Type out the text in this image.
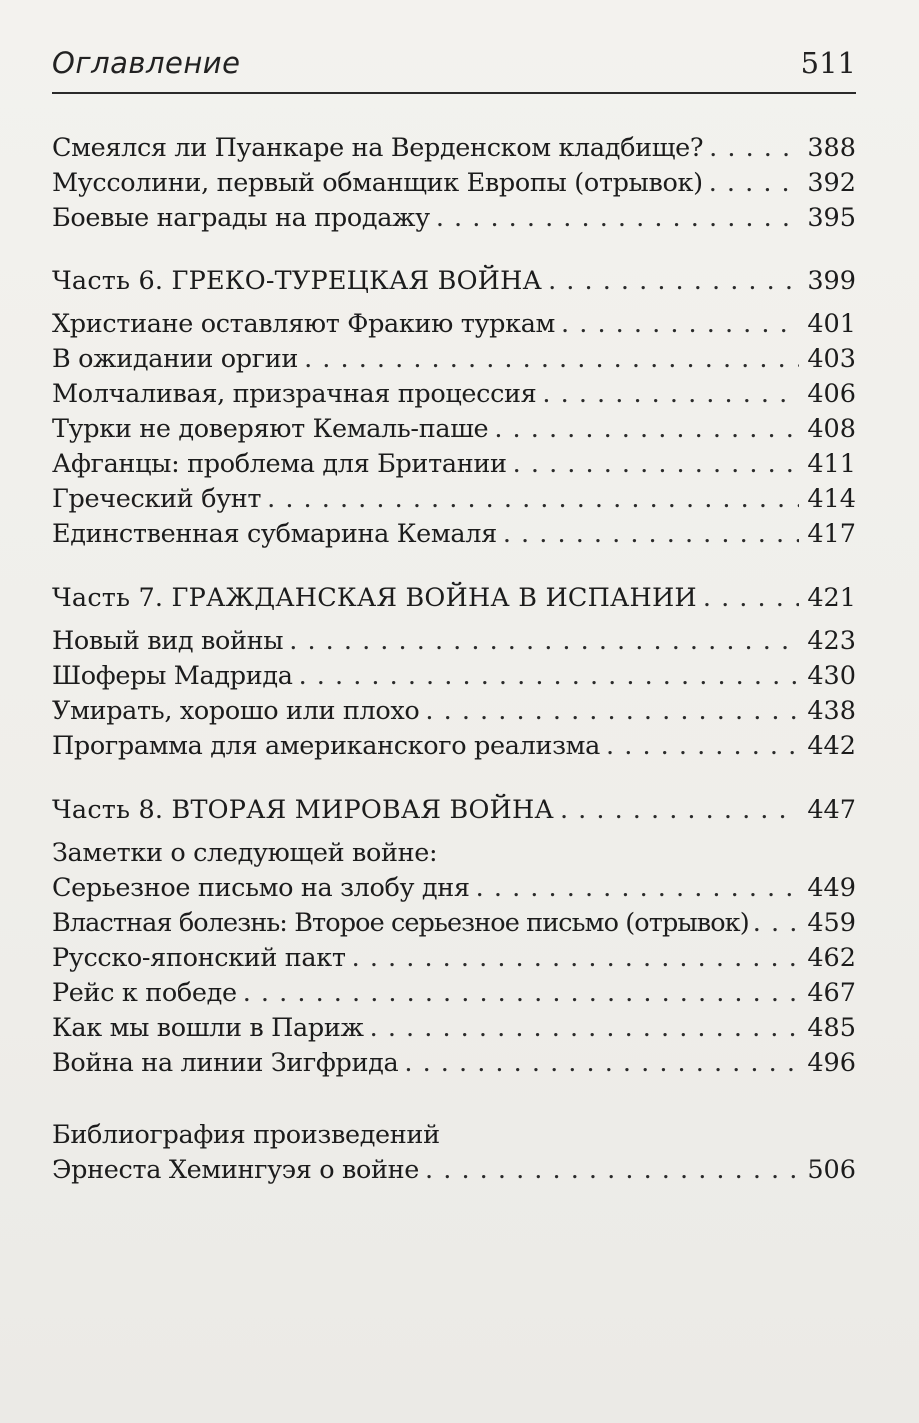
Оглавление	511
Смеялся ли Пуанкаре на Верденском кладбище? . . .	388
Муссолини, первый обманщик Европы (отрывок) . . .	392
Боевые награды на продажу . . .	395
Часть 6. ГРЕКО-ТУРЕЦКАЯ ВОЙНА . . .	399
Христиане оставляют Фракию туркам . . .	401
В ожидании оргии . . .	403
Молчаливая, призрачная процессия . . .	406
Турки не доверяют Кемаль-паше . . .	408
Афганцы: проблема для Британии . . .	411
Греческий бунт . . .	414
Единственная субмарина Кемаля . . .	417
Часть 7. ГРАЖДАНСКАЯ ВОЙНА В ИСПАНИИ . . .	421
Новый вид войны . . .	423
Шоферы Мадрида . . .	430
Умирать, хорошо или плохо . . .	438
Программа для американского реализма . . .	442
Часть 8. ВТОРАЯ МИРОВАЯ ВОЙНА . . .	447
Заметки о следующей войне:
Серьезное письмо на злобу дня . . .	449
Властная болезнь: Второе серьезное письмо (отрывок) . . . 459
Русско-японский пакт . . .	462
Рейс к победе . . .	467
Как мы вошли в Париж . . .	485
Война на линии Зигфрида . . .	496
Библиография произведений
Эрнеста Хемингуэя о войне . . .	506
